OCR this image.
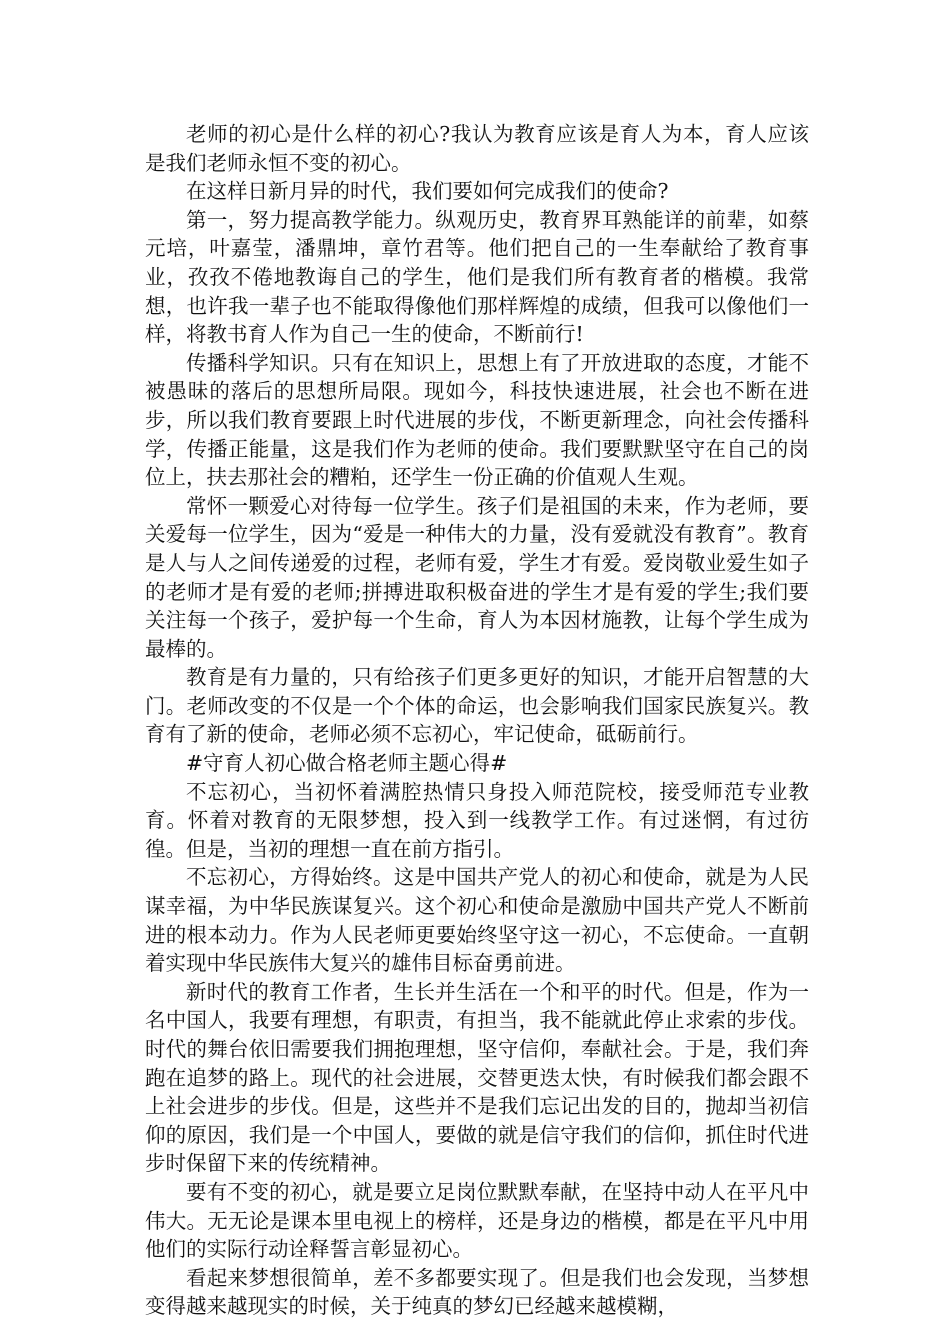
老师的初心是什么样的初心?我认为教育应该是育人为本，育人应该是我们老师永恒不变的初心。

在这样日新月异的时代，我们要如何完成我们的使命?

第一，努力提高教学能力。纵观历史，教育界耳熟能详的前辈，如蔡元培，叶嘉莹，潘鼎坤，章竹君等。他们把自己的一生奉献给了教育事业，孜孜不倦地教诲自己的学生，他们是我们所有教育者的楷模。我常想，也许我一辈子也不能取得像他们那样辉煌的成绩，但我可以像他们一样，将教书育人作为自己一生的使命，不断前行!

传播科学知识。只有在知识上，思想上有了开放进取的态度，才能不被愚昧的落后的思想所局限。现如今，科技快速进展，社会也不断在进步，所以我们教育要跟上时代进展的步伐，不断更新理念，向社会传播科学，传播正能量，这是我们作为老师的使命。我们要默默坚守在自己的岗位上，扶去那社会的糟粕，还学生一份正确的价值观人生观。

常怀一颗爱心对待每一位学生。孩子们是祖国的未来，作为老师，要关爱每一位学生，因为“爱是一种伟大的力量，没有爱就没有教育”。教育是人与人之间传递爱的过程，老师有爱，学生才有爱。爱岗敬业爱生如子的老师才是有爱的老师;拼搏进取积极奋进的学生才是有爱的学生;我们要关注每一个孩子，爱护每一个生命，育人为本因材施教，让每个学生成为最棒的。

教育是有力量的，只有给孩子们更多更好的知识，才能开启智慧的大门。老师改变的不仅是一个个体的命运，也会影响我们国家民族复兴。教育有了新的使命，老师必须不忘初心，牢记使命，砥砺前行。

#守育人初心做合格老师主题心得#

不忘初心，当初怀着满腔热情只身投入师范院校，接受师范专业教育。怀着对教育的无限梦想，投入到一线教学工作。有过迷惘，有过彷徨。但是，当初的理想一直在前方指引。

不忘初心，方得始终。这是中国共产党人的初心和使命，就是为人民谋幸福，为中华民族谋复兴。这个初心和使命是激励中国共产党人不断前进的根本动力。作为人民老师更要始终坚守这一初心，不忘使命。一直朝着实现中华民族伟大复兴的雄伟目标奋勇前进。

新时代的教育工作者，生长并生活在一个和平的时代。但是，作为一名中国人，我要有理想，有职责，有担当，我不能就此停止求索的步伐。时代的舞台依旧需要我们拥抱理想，坚守信仰，奉献社会。于是，我们奔跑在追梦的路上。现代的社会进展，交替更迭太快，有时候我们都会跟不上社会进步的步伐。但是，这些并不是我们忘记出发的目的，抛却当初信仰的原因，我们是一个中国人，要做的就是信守我们的信仰，抓住时代进步时保留下来的传统精神。

要有不变的初心，就是要立足岗位默默奉献，在坚持中动人在平凡中伟大。无无论是课本里电视上的榜样，还是身边的楷模，都是在平凡中用他们的实际行动诠释誓言彰显初心。

看起来梦想很简单，差不多都要实现了。但是我们也会发现，当梦想变得越来越现实的时候，关于纯真的梦幻已经越来越模糊，
